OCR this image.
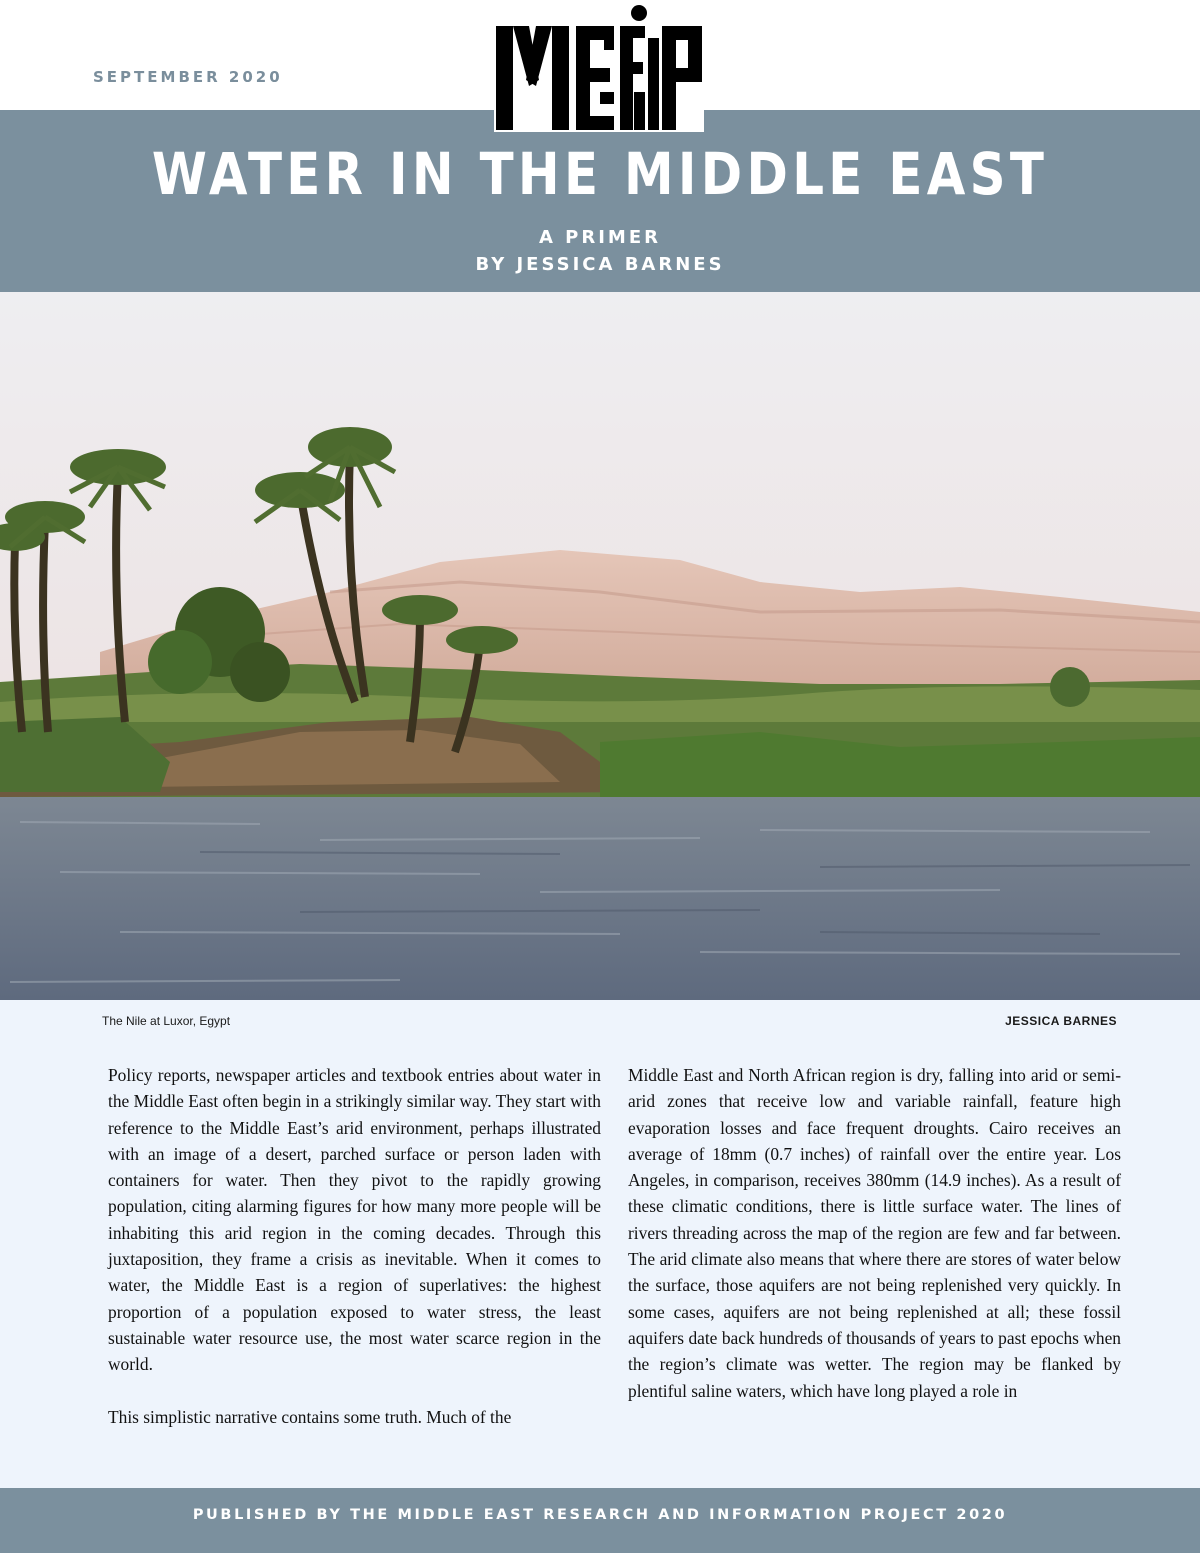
SEPTEMBER 2020
WATER IN THE MIDDLE EAST
A PRIMER
BY JESSICA BARNES
The Nile at Luxor, Egypt	JESSICA BARNES

Policy reports, newspaper articles and textbook entries about water in the Middle East often begin in a strikingly similar way. They start with reference to the Middle East’s arid environment, perhaps illustrated with an image of a desert, parched surface or person laden with containers for water. Then they pivot to the rapidly growing population, citing alarming figures for how many more people will be inhabiting this arid region in the coming decades. Through this juxtaposition, they frame a crisis as inevitable. When it comes to water, the Middle East is a region of superlatives: the highest proportion of a population exposed to water stress, the least sustainable water resource use, the most water scarce region in the world.

This simplistic narrative contains some truth. Much of the

Middle East and North African region is dry, falling into arid or semi-arid zones that receive low and variable rainfall, feature high evaporation losses and face frequent droughts. Cairo receives an average of 18mm (0.7 inches) of rainfall over the entire year. Los Angeles, in comparison, receives 380mm (14.9 inches). As a result of these climatic conditions, there is little surface water. The lines of rivers threading across the map of the region are few and far between. The arid climate also means that where there are stores of water below the surface, those aquifers are not being replenished very quickly. In some cases, aquifers are not being replenished at all; these fossil aquifers date back hundreds of thousands of years to past epochs when the region’s climate was wetter. The region may be flanked by plentiful saline waters, which have long played a role in

PUBLISHED BY THE MIDDLE EAST RESEARCH AND INFORMATION PROJECT 2020
